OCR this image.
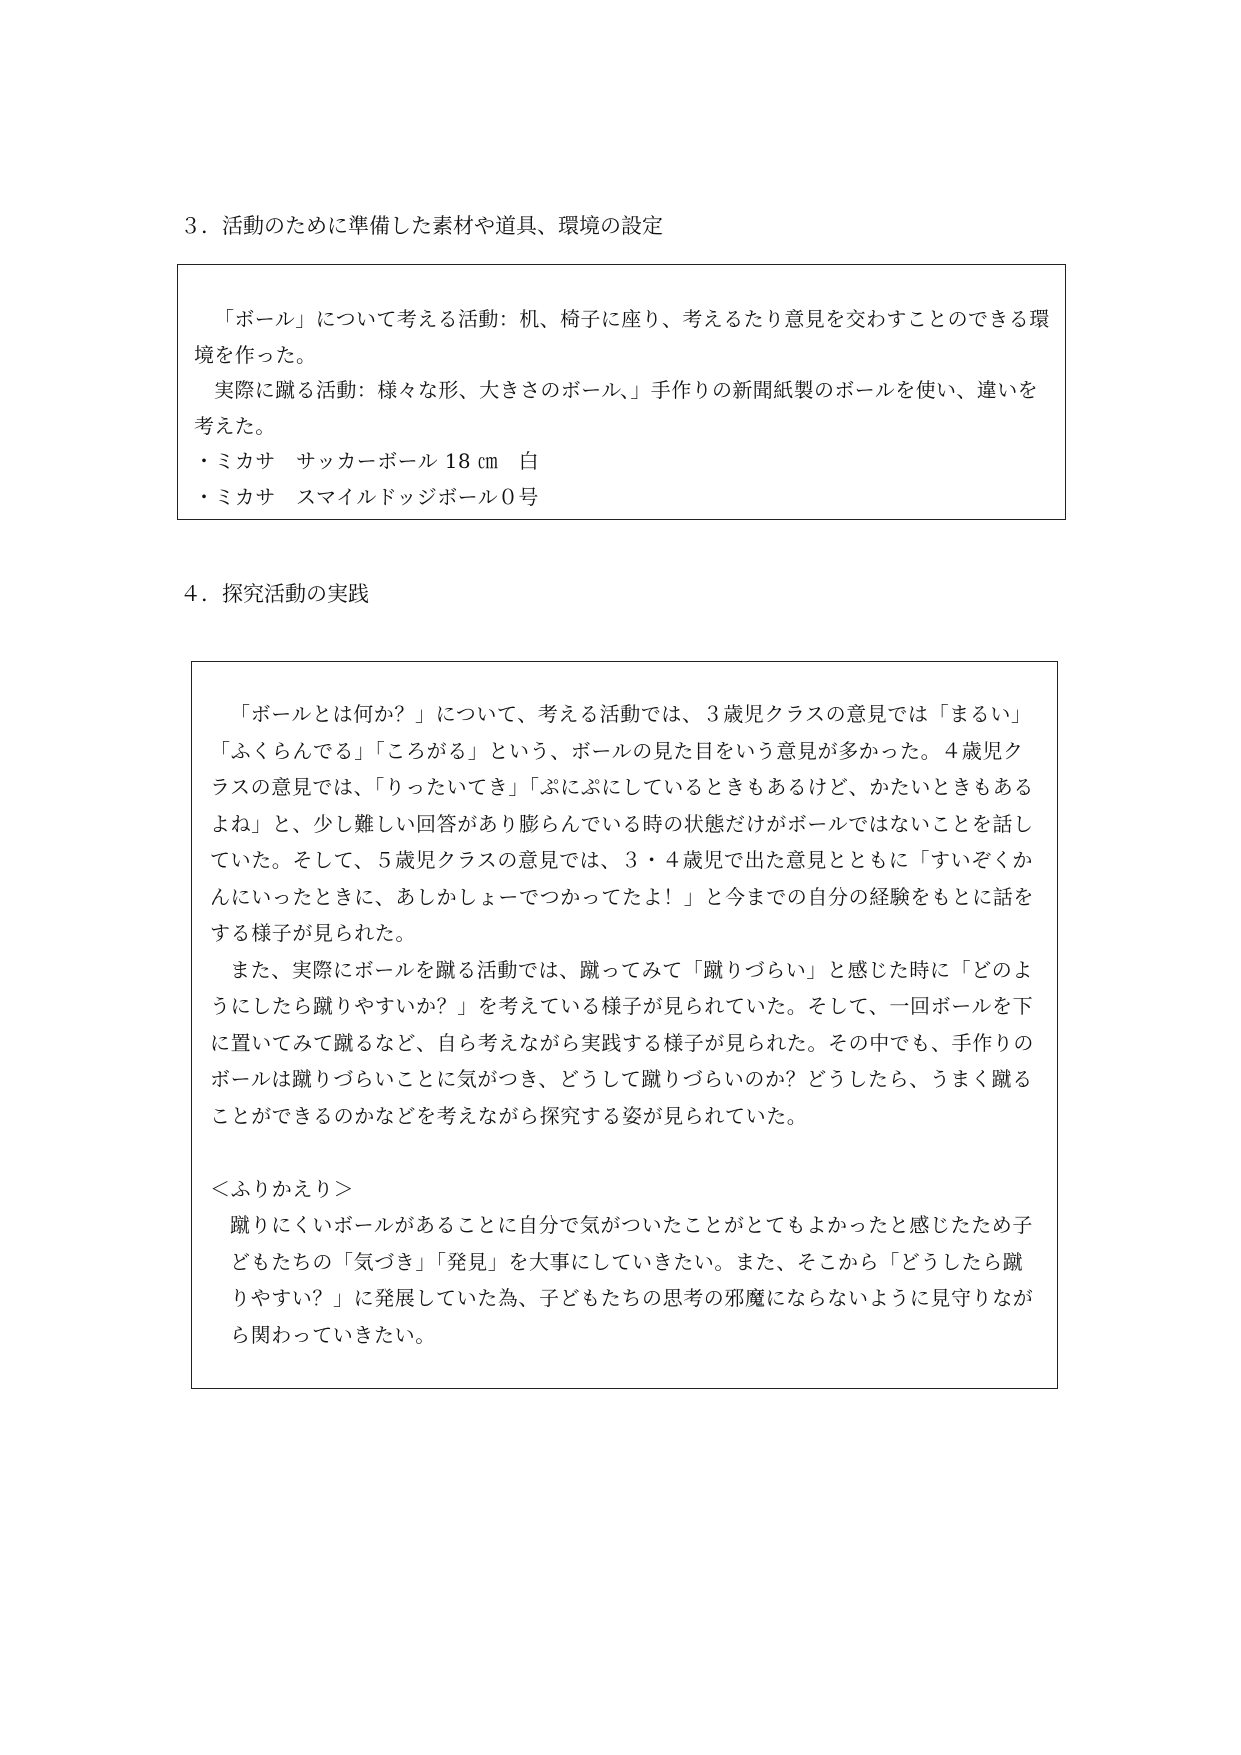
３．活動のために準備した素材や道具、環境の設定

「ボール」について考える活動：机、椅子に座り、考えるたり意見を交わすことのできる環境を作った。

実際に蹴る活動：様々な形、大きさのボール、」手作りの新聞紙製のボールを使い、違いを考えた。

・ミカサ　サッカーボール 18 ㎝　白

・ミカサ　スマイルドッジボール０号

４．探究活動の実践

「ボールとは何か？」について、考える活動では、３歳児クラスの意見では「まるい」「ふくらんでる」「ころがる」という、ボールの見た目をいう意見が多かった。４歳児クラスの意見では、「りったいてき」「ぷにぷにしているときもあるけど、かたいときもあるよね」と、少し難しい回答があり膨らんでいる時の状態だけがボールではないことを話していた。そして、５歳児クラスの意見では、３・４歳児で出た意見とともに「すいぞくかんにいったときに、あしかしょーでつかってたよ！」と今までの自分の経験をもとに話をする様子が見られた。

また、実際にボールを蹴る活動では、蹴ってみて「蹴りづらい」と感じた時に「どのようにしたら蹴りやすいか？」を考えている様子が見られていた。そして、一回ボールを下に置いてみて蹴るなど、自ら考えながら実践する様子が見られた。その中でも、手作りのボールは蹴りづらいことに気がつき、どうして蹴りづらいのか？どうしたら、うまく蹴ることができるのかなどを考えながら探究する姿が見られていた。

＜ふりかえり＞

蹴りにくいボールがあることに自分で気がついたことがとてもよかったと感じたため子どもたちの「気づき」「発見」を大事にしていきたい。また、そこから「どうしたら蹴りやすい？」に発展していた為、子どもたちの思考の邪魔にならないように見守りながら関わっていきたい。
